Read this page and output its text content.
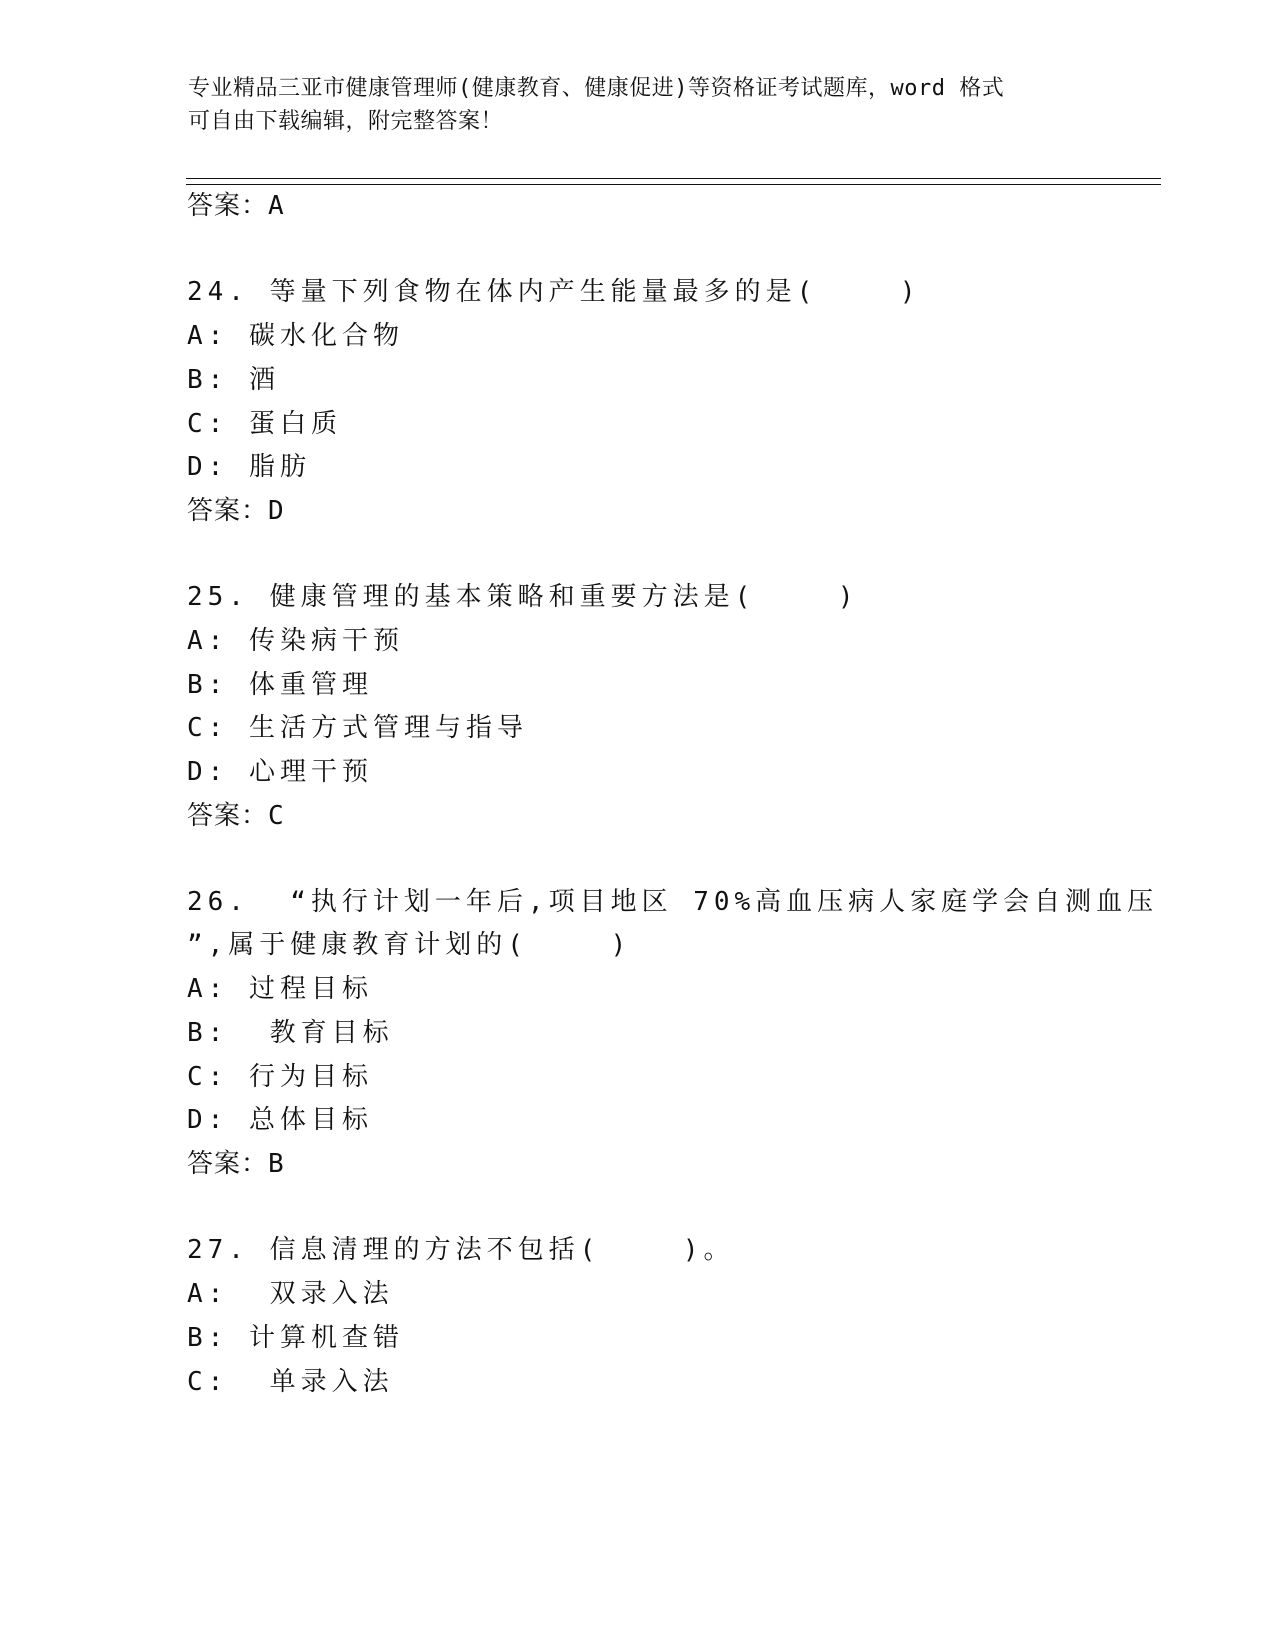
专业精品三亚市健康管理师(健康教育、健康促进)等资格证考试题库，word 格式
可自由下载编辑，附完整答案！
答案：A
24. 等量下列食物在体内产生能量最多的是(    )
A: 碳水化合物
B: 酒
C: 蛋白质
D: 脂肪
答案：D
25. 健康管理的基本策略和重要方法是(    )
A: 传染病干预
B: 体重管理
C: 生活方式管理与指导
D: 心理干预
答案：C
26.  “执行计划一年后,项目地区 70%高血压病人家庭学会自测血压
”,属于健康教育计划的(    )
A: 过程目标
B:  教育目标
C: 行为目标
D: 总体目标
答案：B
27. 信息清理的方法不包括(    )。
A:  双录入法
B: 计算机查错
C:  单录入法
